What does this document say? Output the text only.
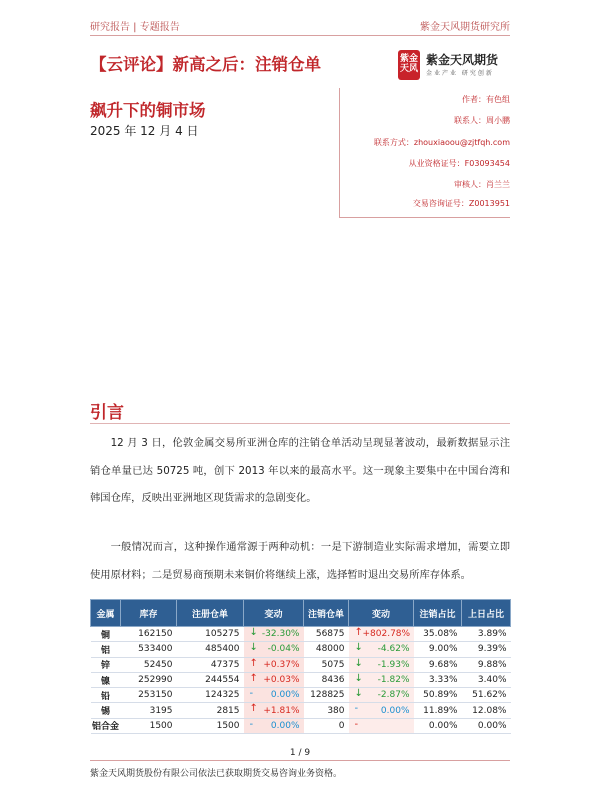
研究报告 | 专题报告	紫金天风期货研究所
【云评论】新高之后：注销仓单飙升下的铜市场
紫金天风
紫金天风期货
金业产业 研究创新
2025 年 12 月 4 日
作者：有色组
联系人：周小鹏
联系方式：zhouxiaoou@zjtfqh.com
从业资格证号：F03093454
审核人：肖兰兰
交易咨询证号：Z0013951
引言

12 月 3 日，伦敦金属交易所亚洲仓库的注销仓单活动呈现显著波动，最新数据显示注销仓单量已达 50725 吨，创下 2013 年以来的最高水平。这一现象主要集中在中国台湾和韩国仓库，反映出亚洲地区现货需求的急剧变化。

一般情况而言，这种操作通常源于两种动机：一是下游制造业实际需求增加，需要立即使用原材料；二是贸易商预期未来铜价将继续上涨，选择暂时退出交易所库存体系。

金属	库存	注册仓单	变动	注销仓单	变动	注销占比	上日占比
铜	162150	105275	↓ -32.30%	56875	↑ +802.78%	35.08%	3.89%
铝	533400	485400	↓ -0.04%	48000	↓ -4.62%	9.00%	9.39%
锌	52450	47375	↑ +0.37%	5075	↓ -1.93%	9.68%	9.88%
镍	252990	244554	↑ +0.03%	8436	↓ -1.82%	3.33%	3.40%
铅	253150	124325	- 0.00%	128825	↓ -2.87%	50.89%	51.62%
锡	3195	2815	↑ +1.81%	380	- 0.00%	11.89%	12.08%
铝合金	1500	1500	- 0.00%	0	-	0.00%	0.00%
1 / 9
紫金天风期货股份有限公司依法已获取期货交易咨询业务资格。
